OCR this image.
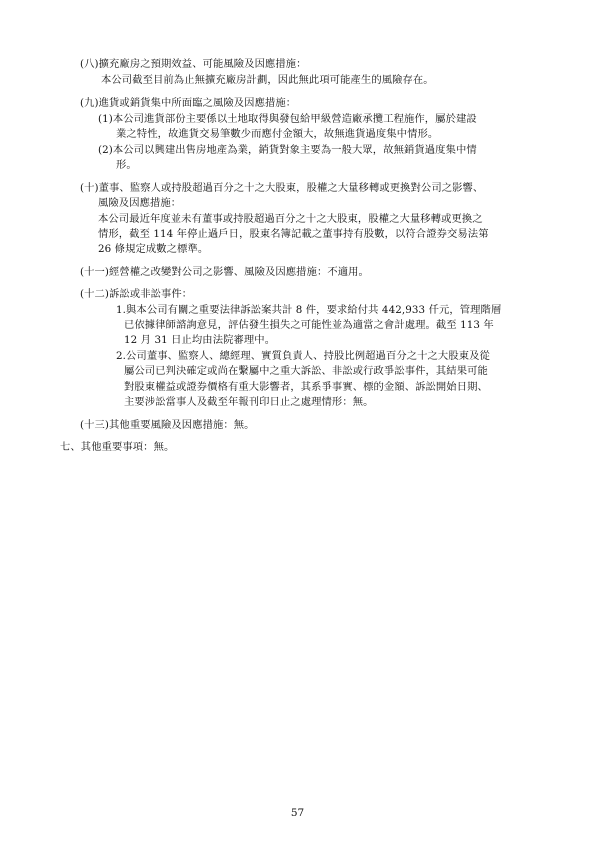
(八)擴充廠房之預期效益、可能風險及因應措施：
本公司截至目前為止無擴充廠房計劃，因此無此項可能產生的風險存在。
(九)進貨或銷貨集中所面臨之風險及因應措施：
(1)本公司進貨部份主要係以土地取得與發包給甲級營造廠承攬工程施作，屬於建設
業之特性，故進貨交易筆數少而應付金額大，故無進貨過度集中情形。
(2)本公司以興建出售房地產為業，銷貨對象主要為一般大眾，故無銷貨過度集中情
形。
(十)董事、監察人或持股超過百分之十之大股東，股權之大量移轉或更換對公司之影響、
風險及因應措施：
本公司最近年度並未有董事或持股超過百分之十之大股東，股權之大量移轉或更換之
情形，截至 114 年停止過戶日，股東名簿記載之董事持有股數，以符合證券交易法第
26 條規定成數之標準。
(十一)經營權之改變對公司之影響、風險及因應措施：不適用。
(十二)訴訟或非訟事件：
1.與本公司有關之重要法律訴訟案共計 8 件，要求給付共 442,933 仟元，管理階層
已依據律師諮詢意見，評估發生損失之可能性並為適當之會計處理。截至 113 年
12 月 31 日止均由法院審理中。
2.公司董事、監察人、總經理、實質負責人、持股比例超過百分之十之大股東及從
屬公司已判決確定或尚在繫屬中之重大訴訟、非訟或行政爭訟事件，其結果可能
對股東權益或證券價格有重大影響者，其系爭事實、標的金額、訴訟開始日期、
主要涉訟當事人及截至年報刊印日止之處理情形：無。
(十三)其他重要風險及因應措施：無。
七、其他重要事項：無。
57
